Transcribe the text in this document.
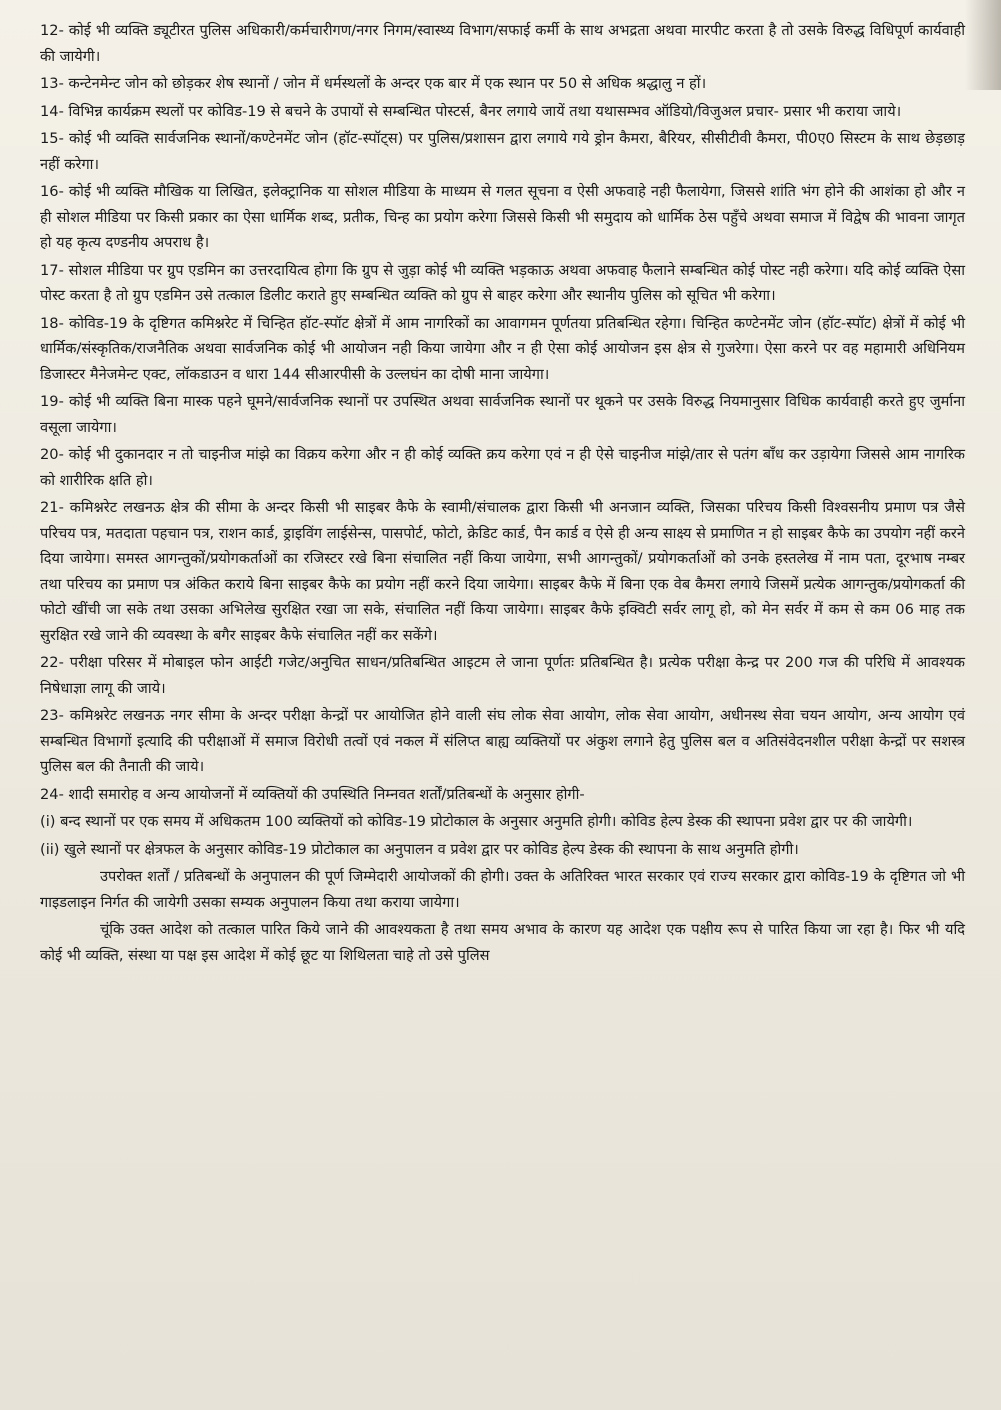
12- कोई भी व्यक्ति ड्यूटीरत पुलिस अधिकारी/कर्मचारीगण/नगर निगम/स्वास्थ्य विभाग/सफाई कर्मी के साथ अभद्रता अथवा मारपीट करता है तो उसके विरुद्ध विधिपूर्ण कार्यवाही की जायेगी।

13- कन्टेनमेन्ट जोन को छोड़कर शेष स्थानों / जोन में धर्मस्थलों के अन्दर एक बार में एक स्थान पर 50 से अधिक श्रद्धालु न हों।

14- विभिन्न कार्यक्रम स्थलों पर कोविड-19 से बचने के उपायों से सम्बन्धित पोस्टर्स, बैनर लगाये जायें तथा यथासम्भव ऑडियो/विजुअल प्रचार- प्रसार भी कराया जाये।

15- कोई भी व्यक्ति सार्वजनिक स्थानों/कण्टेनमेंट जोन (हॉट-स्पॉट्स) पर पुलिस/प्रशासन द्वारा लगाये गये ड्रोन कैमरा, बैरियर, सीसीटीवी कैमरा, पी0ए0 सिस्टम के साथ छेड़छाड़ नहीं करेगा।

16- कोई भी व्यक्ति मौखिक या लिखित, इलेक्ट्रानिक या सोशल मीडिया के माध्यम से गलत सूचना व ऐसी अफवाहे नही फैलायेगा, जिससे शांति भंग होने की आशंका हो और न ही सोशल मीडिया पर किसी प्रकार का ऐसा धार्मिक शब्द, प्रतीक, चिन्ह का प्रयोग करेगा जिससे किसी भी समुदाय को धार्मिक ठेस पहुँचे अथवा समाज में विद्वेष की भावना जागृत हो यह कृत्य दण्डनीय अपराध है।

17- सोशल मीडिया पर ग्रुप एडमिन का उत्तरदायित्व होगा कि ग्रुप से जुड़ा कोई भी व्यक्ति भड़काऊ अथवा अफवाह फैलाने सम्बन्धित कोई पोस्ट नही करेगा। यदि कोई व्यक्ति ऐसा पोस्ट करता है तो ग्रुप एडमिन उसे तत्काल डिलीट कराते हुए सम्बन्धित व्यक्ति को ग्रुप से बाहर करेगा और स्थानीय पुलिस को सूचित भी करेगा।

18- कोविड-19 के दृष्टिगत कमिश्नरेट में चिन्हित हॉट-स्पॉट क्षेत्रों में आम नागरिकों का आवागमन पूर्णतया प्रतिबन्धित रहेगा। चिन्हित कण्टेनमेंट जोन (हॉट-स्पॉट) क्षेत्रों में कोई भी धार्मिक/संस्कृतिक/राजनैतिक अथवा सार्वजनिक कोई भी आयोजन नही किया जायेगा और न ही ऐसा कोई आयोजन इस क्षेत्र से गुजरेगा। ऐसा करने पर वह महामारी अधिनियम डिजास्टर मैनेजमेन्ट एक्ट, लॉकडाउन व धारा 144 सीआरपीसी के उल्लघंन का दोषी माना जायेगा।

19- कोई भी व्यक्ति बिना मास्क पहने घूमने/सार्वजनिक स्थानों पर उपस्थित अथवा सार्वजनिक स्थानों पर थूकने पर उसके विरुद्ध नियमानुसार विधिक कार्यवाही करते हुए जुर्माना वसूला जायेगा।

20- कोई भी दुकानदार न तो चाइनीज मांझे का विक्रय करेगा और न ही कोई व्यक्ति क्रय करेगा एवं न ही ऐसे चाइनीज मांझे/तार से पतंग बाँध कर उड़ायेगा जिससे आम नागरिक को शारीरिक क्षति हो।

21- कमिश्नरेट लखनऊ क्षेत्र की सीमा के अन्दर किसी भी साइबर कैफे के स्वामी/संचालक द्वारा किसी भी अनजान व्यक्ति, जिसका परिचय किसी विश्वसनीय प्रमाण पत्र जैसे परिचय पत्र, मतदाता पहचान पत्र, राशन कार्ड, ड्राइविंग लाईसेन्स, पासपोर्ट, फोटो, क्रेडिट कार्ड, पैन कार्ड व ऐसे ही अन्य साक्ष्य से प्रमाणित न हो साइबर कैफे का उपयोग नहीं करने दिया जायेगा। समस्त आगन्तुकों/प्रयोगकर्ताओं का रजिस्टर रखे बिना संचालित नहीं किया जायेगा, सभी आगन्तुकों/ प्रयोगकर्ताओं को उनके हस्तलेख में नाम पता, दूरभाष नम्बर तथा परिचय का प्रमाण पत्र अंकित कराये बिना साइबर कैफे का प्रयोग नहीं करने दिया जायेगा। साइबर कैफे में बिना एक वेब कैमरा लगाये जिसमें प्रत्येक आगन्तुक/प्रयोगकर्ता की फोटो खींची जा सके तथा उसका अभिलेख सुरक्षित रखा जा सके, संचालित नहीं किया जायेगा। साइबर कैफे इक्विटी सर्वर लागू हो, को मेन सर्वर में कम से कम 06 माह तक सुरक्षित रखे जाने की व्यवस्था के बगैर साइबर कैफे संचालित नहीं कर सकेंगे।

22- परीक्षा परिसर में मोबाइल फोन आईटी गजेट/अनुचित साधन/प्रतिबन्धित आइटम ले जाना पूर्णतः प्रतिबन्धित है। प्रत्येक परीक्षा केन्द्र पर 200 गज की परिधि में आवश्यक निषेधाज्ञा लागू की जाये।

23- कमिश्नरेट लखनऊ नगर सीमा के अन्दर परीक्षा केन्द्रों पर आयोजित होने वाली संघ लोक सेवा आयोग, लोक सेवा आयोग, अधीनस्थ सेवा चयन आयोग, अन्य आयोग एवं सम्बन्धित विभागों इत्यादि की परीक्षाओं में समाज विरोधी तत्वों एवं नकल में संलिप्त बाह्य व्यक्तियों पर अंकुश लगाने हेतु पुलिस बल व अतिसंवेदनशील परीक्षा केन्द्रों पर सशस्त्र पुलिस बल की तैनाती की जाये।

24- शादी समारोह व अन्य आयोजनों में व्यक्तियों की उपस्थिति निम्नवत शर्तों/प्रतिबन्धों के अनुसार होगी-

(i) बन्द स्थानों पर एक समय में अधिकतम 100 व्यक्तियों को कोविड-19 प्रोटोकाल के अनुसार अनुमति होगी। कोविड हेल्प डेस्क की स्थापना प्रवेश द्वार पर की जायेगी।

(ii) खुले स्थानों पर क्षेत्रफल के अनुसार कोविड-19 प्रोटोकाल का अनुपालन व प्रवेश द्वार पर कोविड हेल्प डेस्क की स्थापना के साथ अनुमति होगी।

उपरोक्त शर्तों / प्रतिबन्धों के अनुपालन की पूर्ण जिम्मेदारी आयोजकों की होगी। उक्त के अतिरिक्त भारत सरकार एवं राज्य सरकार द्वारा कोविड-19 के दृष्टिगत जो भी गाइडलाइन निर्गत की जायेगी उसका सम्यक अनुपालन किया तथा कराया जायेगा।

चूंकि उक्त आदेश को तत्काल पारित किये जाने की आवश्यकता है तथा समय अभाव के कारण यह आदेश एक पक्षीय रूप से पारित किया जा रहा है। फिर भी यदि कोई भी व्यक्ति, संस्था या पक्ष इस आदेश में कोई छूट या शिथिलता चाहे तो उसे पुलिस
